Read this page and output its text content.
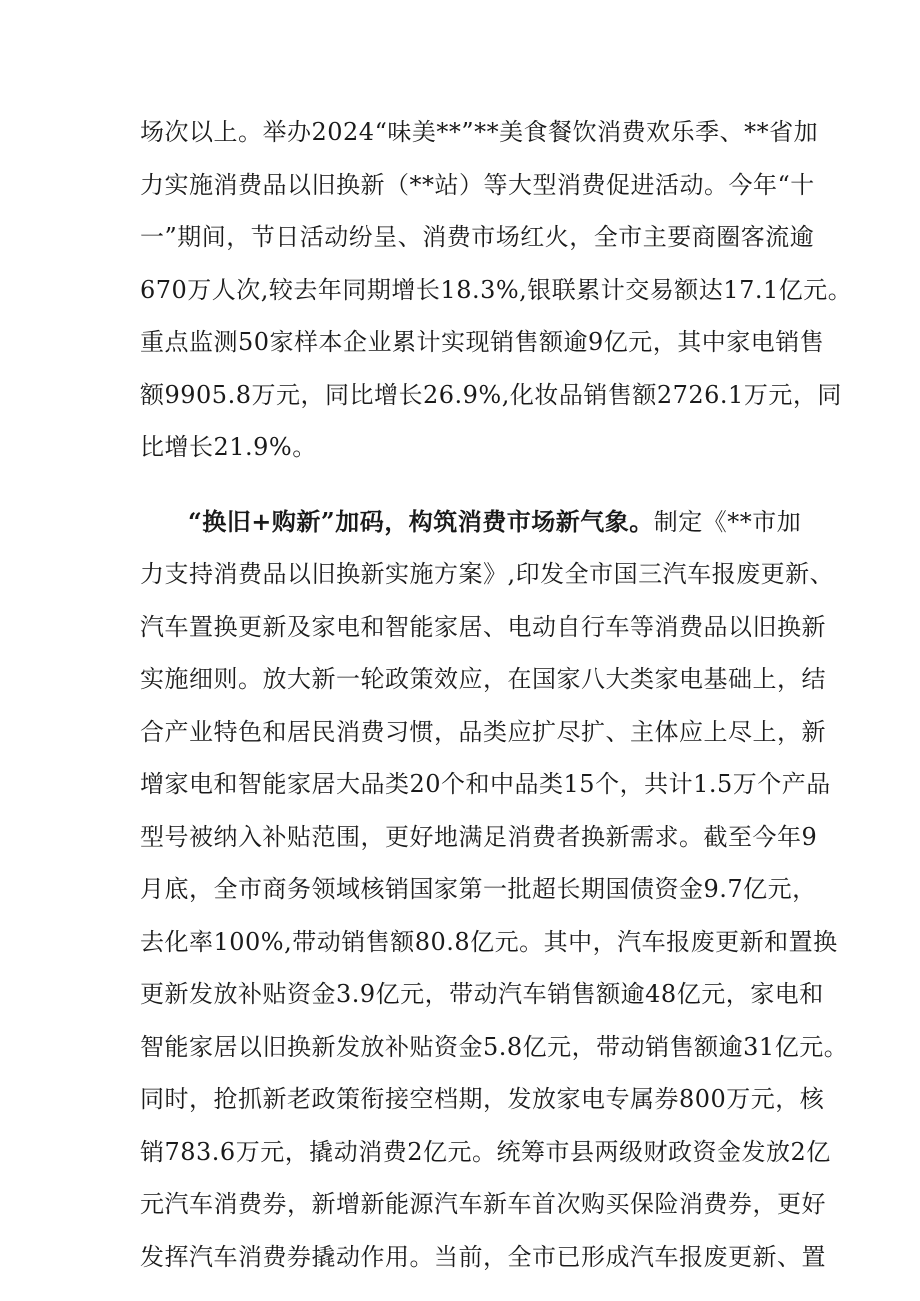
场次以上。举办2024“味美**”**美食餐饮消费欢乐季、**省加
力实施消费品以旧换新（**站）等大型消费促进活动。今年“十
一”期间，节日活动纷呈、消费市场红火，全市主要商圈客流逾
670万人次,较去年同期增长18.3%,银联累计交易额达17.1亿元。
重点监测50家样本企业累计实现销售额逾9亿元，其中家电销售
额9905.8万元，同比增长26.9%,化妆品销售额2726.1万元，同
比增长21.9%。
“换旧+购新”加码，构筑消费市场新气象。制定《**市加
力支持消费品以旧换新实施方案》,印发全市国三汽车报废更新、
汽车置换更新及家电和智能家居、电动自行车等消费品以旧换新
实施细则。放大新一轮政策效应，在国家八大类家电基础上，结
合产业特色和居民消费习惯，品类应扩尽扩、主体应上尽上，新
增家电和智能家居大品类20个和中品类15个，共计1.5万个产品
型号被纳入补贴范围，更好地满足消费者换新需求。截至今年9
月底，全市商务领域核销国家第一批超长期国债资金9.7亿元，
去化率100%,带动销售额80.8亿元。其中，汽车报废更新和置换
更新发放补贴资金3.9亿元，带动汽车销售额逾48亿元，家电和
智能家居以旧换新发放补贴资金5.8亿元，带动销售额逾31亿元。
同时，抢抓新老政策衔接空档期，发放家电专属券800万元，核
销783.6万元，撬动消费2亿元。统筹市县两级财政资金发放2亿
元汽车消费券，新增新能源汽车新车首次购买保险消费券，更好
发挥汽车消费券撬动作用。当前，全市已形成汽车报废更新、置
